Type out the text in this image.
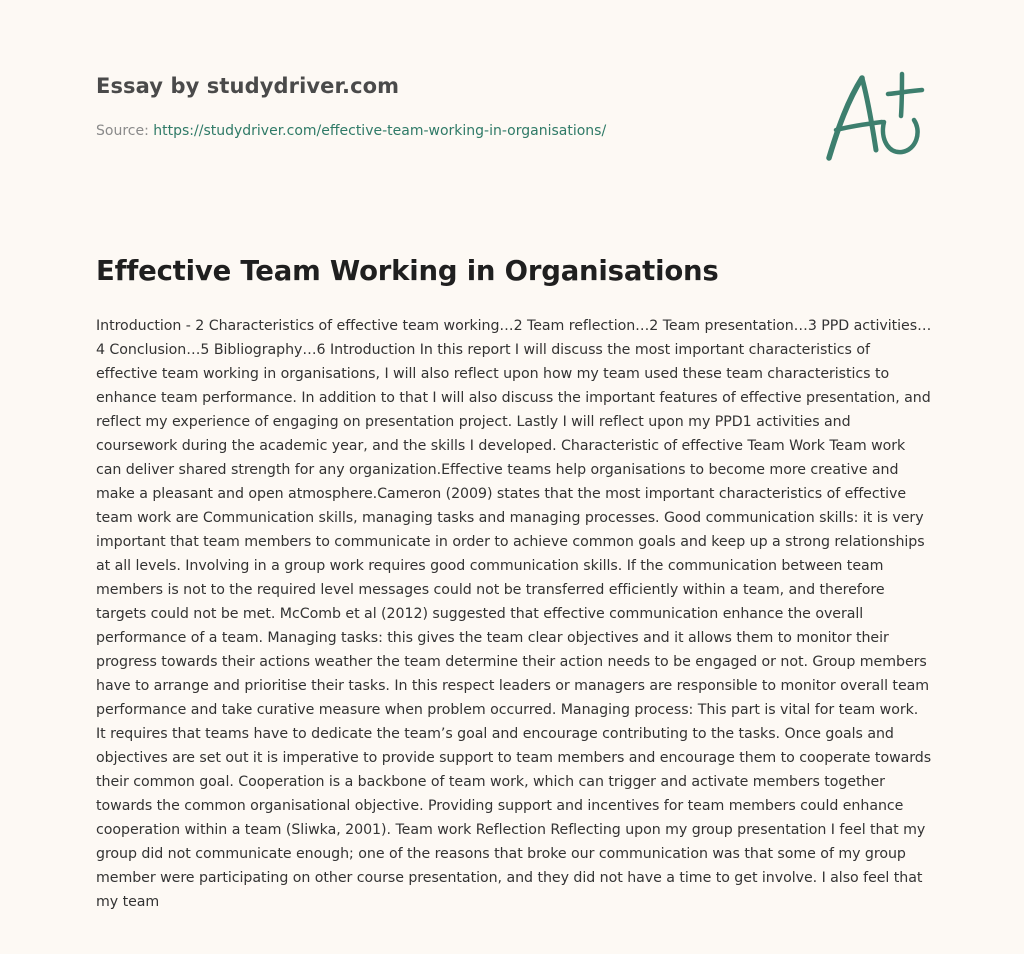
Essay by studydriver.com

Source: https://studydriver.com/effective-team-working-in-organisations/
Effective Team Working in Organisations

Introduction - 2 Characteristics of effective team working…2 Team reflection…2 Team presentation…3 PPD activities…4 Conclusion…5 Bibliography…6 Introduction In this report I will discuss the most important characteristics of effective team working in organisations, I will also reflect upon how my team used these team characteristics to enhance team performance. In addition to that I will also discuss the important features of effective presentation, and reflect my experience of engaging on presentation project. Lastly I will reflect upon my PPD1 activities and coursework during the academic year, and the skills I developed. Characteristic of effective Team Work Team work can deliver shared strength for any organization.Effective teams help organisations to become more creative and make a pleasant and open atmosphere.Cameron (2009) states that the most important characteristics of effective team work are Communication skills, managing tasks and managing processes. Good communication skills: it is very important that team members to communicate in order to achieve common goals and keep up a strong relationships at all levels. Involving in a group work requires good communication skills. If the communication between team members is not to the required level messages could not be transferred efficiently within a team, and therefore targets could not be met. McComb et al (2012) suggested that effective communication enhance the overall performance of a team. Managing tasks: this gives the team clear objectives and it allows them to monitor their progress towards their actions weather the team determine their action needs to be engaged or not. Group members have to arrange and prioritise their tasks. In this respect leaders or managers are responsible to monitor overall team performance and take curative measure when problem occurred. Managing process: This part is vital for team work. It requires that teams have to dedicate the team’s goal and encourage contributing to the tasks. Once goals and objectives are set out it is imperative to provide support to team members and encourage them to cooperate towards their common goal. Cooperation is a backbone of team work, which can trigger and activate members together towards the common organisational objective. Providing support and incentives for team members could enhance cooperation within a team (Sliwka, 2001). Team work Reflection Reflecting upon my group presentation I feel that my group did not communicate enough; one of the reasons that broke our communication was that some of my group member were participating on other course presentation, and they did not have a time to get involve. I also feel that my team
